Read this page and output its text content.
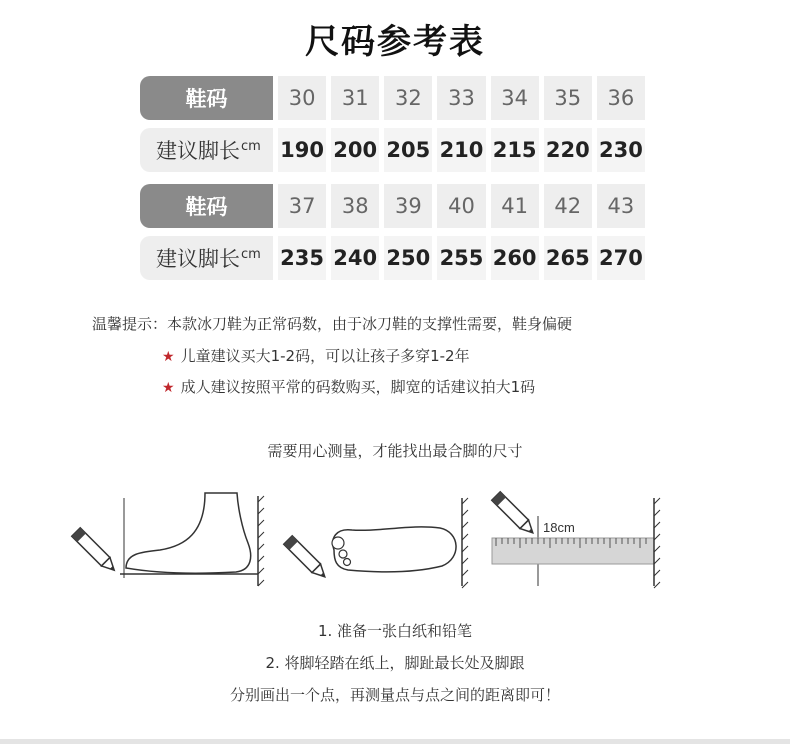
尺码参考表
鞋码	30	31	32	33	34	35	36
建议脚长 cm 190 200 205 210 215 220 230
鞋码	37	38	39	40	41	42	43
建议脚长 cm 235 240 250 255 260 265 270
温馨提示：本款冰刀鞋为正常码数，由于冰刀鞋的支撑性需要，鞋身偏硬
★ 儿童建议买大1-2码，可以让孩子多穿1-2年
★ 成人建议按照平常的码数购买，脚宽的话建议拍大1码
需要用心测量，才能找出最合脚的尺寸
18cm
1. 准备一张白纸和铅笔
2. 将脚轻踏在纸上，脚趾最长处及脚跟
分别画出一个点，再测量点与点之间的距离即可！
